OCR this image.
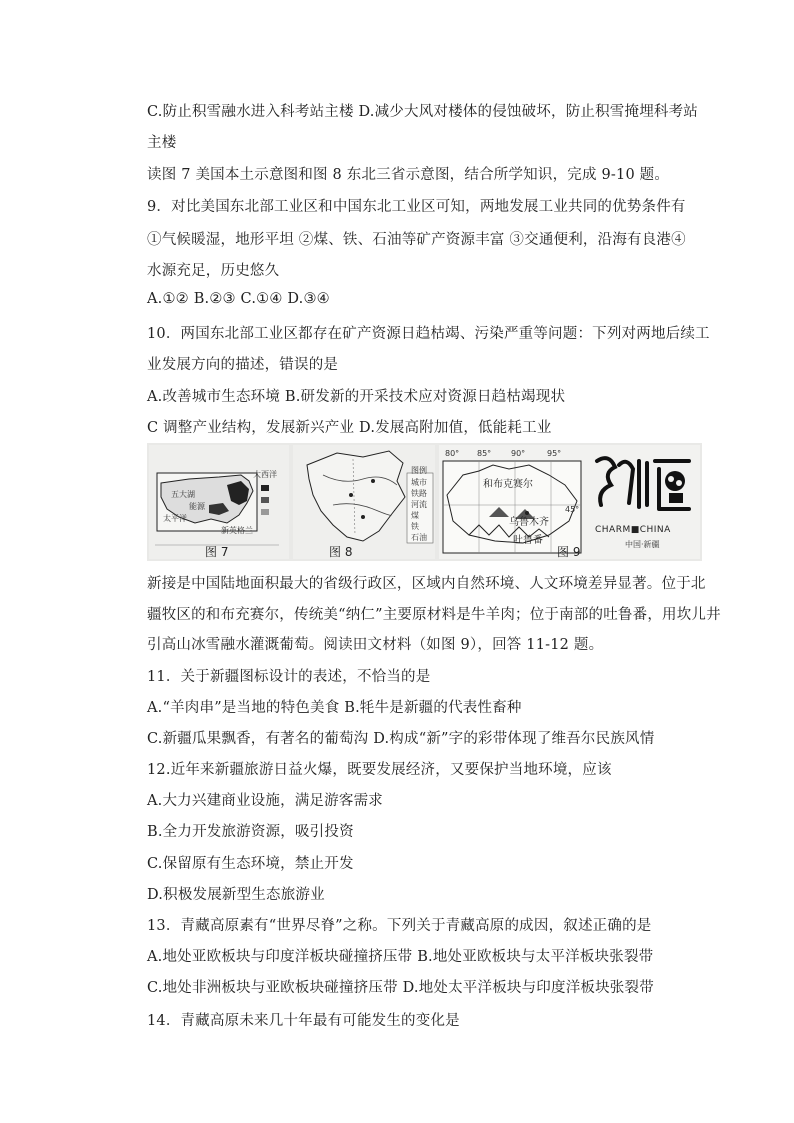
C.防止积雪融水进入科考站主楼 D.减少大风对楼体的侵蚀破坏，防止积雪掩埋科考站
主楼
读图 7 美国本土示意图和图 8 东北三省示意图，结合所学知识，完成 9-10 题。
9．对比美国东北部工业区和中国东北工业区可知，两地发展工业共同的优势条件有
①气候暖湿，地形平坦 ②煤、铁、石油等矿产资源丰富 ③交通便利，沿海有良港④
水源充足，历史悠久
A.①② B.②③ C.①④ D.③④
10．两国东北部工业区都存在矿产资源日趋枯竭、污染严重等问题：下列对两地后续工
业发展方向的描述，错误的是
A.改善城市生态环境 B.研发新的开采技术应对资源日趋枯竭现状
C 调整产业结构，发展新兴产业 D.发展高附加值，低能耗工业
五大湖
能源
新英格兰
太平洋
大西洋
图 7
图例
城市
铁路
河流
煤
铁
石油
图 8
80° 85° 90°	95°
45°
和布克赛尔
乌鲁木齐
吐鲁番
图 9
CHARM■CHINA
中国·新疆
新接是中国陆地面积最大的省级行政区，区域内自然环境、人文环境差异显著。位于北
疆牧区的和布充赛尔，传统美“纳仁”主要原材料是牛羊肉；位于南部的吐鲁番，用坎儿井
引高山冰雪融水灌溉葡萄。阅读田文材料（如图 9），回答 11-12 题。
11．关于新疆图标设计的表述，不恰当的是
A.“羊肉串”是当地的特色美食 B.牦牛是新疆的代表性畜种
C.新疆瓜果飘香，有著名的葡萄沟 D.构成“新”字的彩带体现了维吾尔民族风情
12.近年来新疆旅游日益火爆，既要发展经济，又要保护当地环境，应该
A.大力兴建商业设施，满足游客需求
B.全力开发旅游资源，吸引投资
C.保留原有生态环境，禁止开发
D.积极发展新型生态旅游业
13．青藏高原素有“世界尽脊”之称。下列关于青藏高原的成因，叙述正确的是
A.地处亚欧板块与印度洋板块碰撞挤压带 B.地处亚欧板块与太平洋板块张裂带
C.地处非洲板块与亚欧板块碰撞挤压带 D.地处太平洋板块与印度洋板块张裂带
14．青藏高原未来几十年最有可能发生的变化是
